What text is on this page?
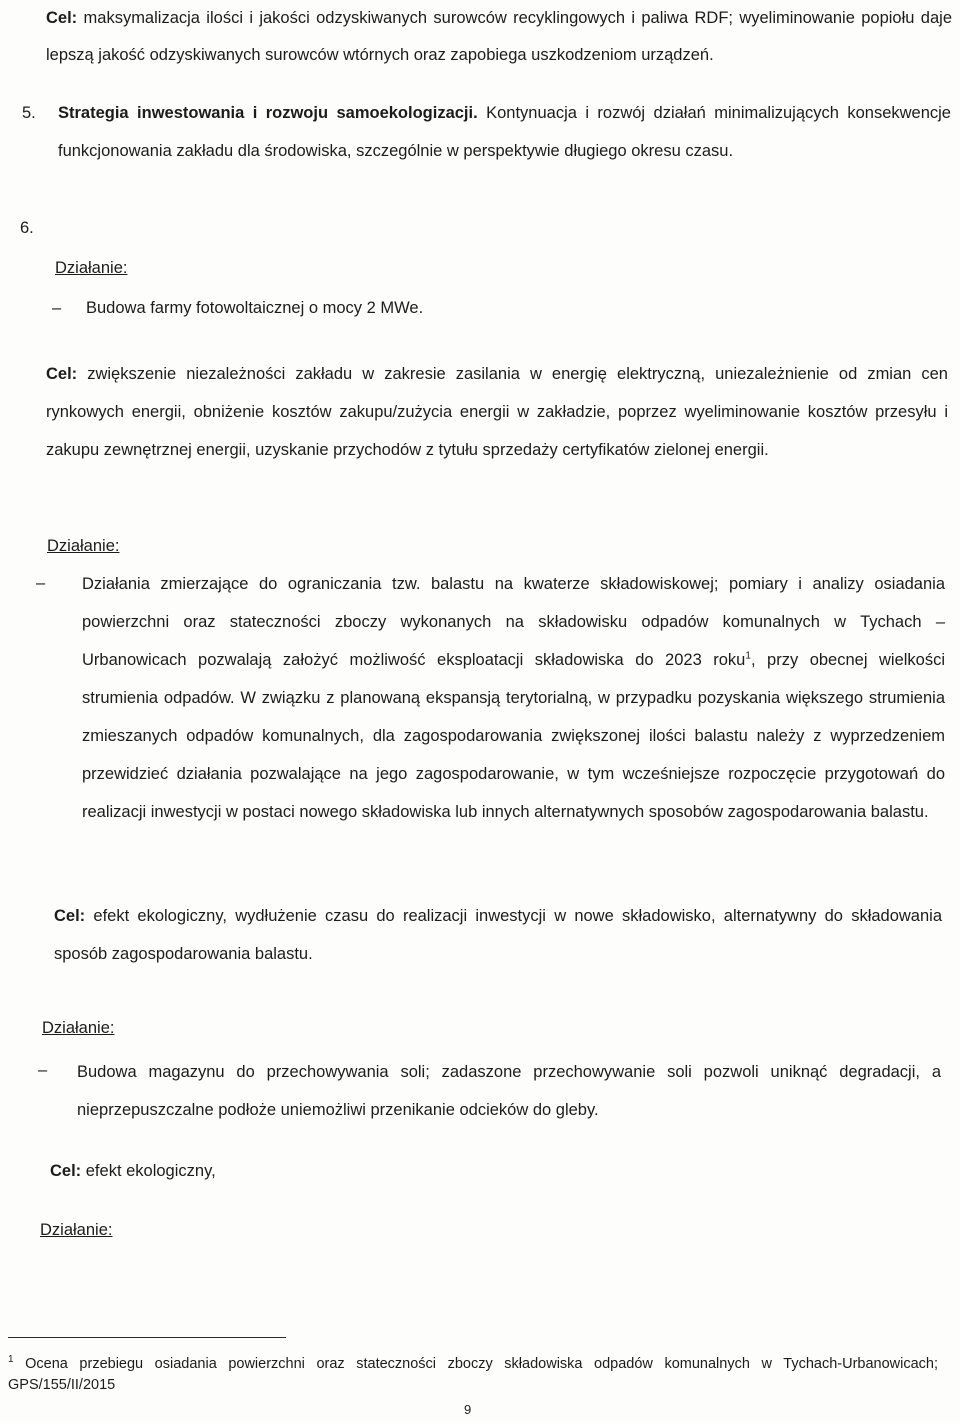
Cel: maksymalizacja ilości i jakości odzyskiwanych surowców recyklingowych i paliwa RDF; wyeliminowanie popiołu daje lepszą jakość odzyskiwanych surowców wtórnych oraz zapobiega uszkodzeniom urządzeń.

5. Strategia inwestowania i rozwoju samoekologizacji. Kontynuacja i rozwój działań minimalizujących konsekwencje funkcjonowania zakładu dla środowiska, szczególnie w perspektywie długiego okresu czasu.

6.
Działanie:
– Budowa farmy fotowoltaicznej o mocy 2 MWe.

Cel: zwiększenie niezależności zakładu w zakresie zasilania w energię elektryczną, uniezależnienie od zmian cen rynkowych energii, obniżenie kosztów zakupu/zużycia energii w zakładzie, poprzez wyeliminowanie kosztów przesyłu i zakupu zewnętrznej energii, uzyskanie przychodów z tytułu sprzedaży certyfikatów zielonej energii.

Działanie:
– Działania zmierzające do ograniczania tzw. balastu na kwaterze składowiskowej; pomiary i analizy osiadania powierzchni oraz stateczności zboczy wykonanych na składowisku odpadów komunalnych w Tychach – Urbanowicach pozwalają założyć możliwość eksploatacji składowiska do 2023 roku$^1$, przy obecnej wielkości strumienia odpadów. W związku z planowaną ekspansją terytorialną, w przypadku pozyskania większego strumienia zmieszanych odpadów komunalnych, dla zagospodarowania zwiększonej ilości balastu należy z wyprzedzeniem przewidzieć działania pozwalające na jego zagospodarowanie, w tym wcześniejsze rozpoczęcie przygotowań do realizacji inwestycji w postaci nowego składowiska lub innych alternatywnych sposobów zagospodarowania balastu.

Cel: efekt ekologiczny, wydłużenie czasu do realizacji inwestycji w nowe składowisko, alternatywny do składowania sposób zagospodarowania balastu.

Działanie:
– Budowa magazynu do przechowywania soli; zadaszone przechowywanie soli pozwoli uniknąć degradacji, a nieprzepuszczalne podłoże uniemożliwi przenikanie odcieków do gleby.

Cel: efekt ekologiczny,

Działanie:

$^1$ Ocena przebiegu osiadania powierzchni oraz stateczności zboczy składowiska odpadów komunalnych w Tychach-Urbanowicach; GPS/155/II/2015

9
